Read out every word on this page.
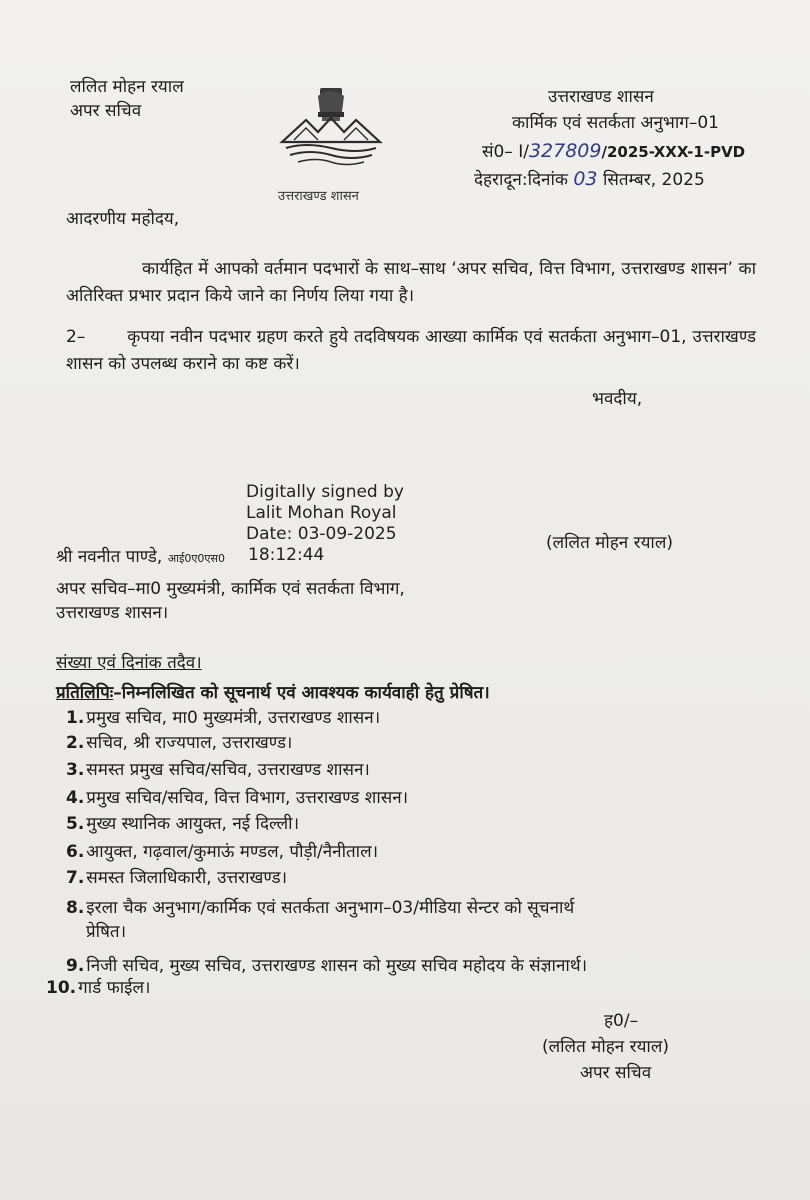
ललित मोहन रयाल
अपर सचिव
उत्तराखण्ड शासन
उत्तराखण्ड शासन
कार्मिक एवं सतर्कता अनुभाग–01
सं0– I/327809/2025-XXX-1-PVD
देहरादून:दिनांक 03 सितम्बर, 2025
आदरणीय महोदय,
कार्यहित में आपको वर्तमान पदभारों के साथ–साथ ‘अपर सचिव, वित्त विभाग, उत्तराखण्ड शासन’ का अतिरिक्त प्रभार प्रदान किये जाने का निर्णय लिया गया है।
2– कृपया नवीन पदभार ग्रहण करते हुये तदविषयक आख्या कार्मिक एवं सतर्कता अनुभाग–01, उत्तराखण्ड शासन को उपलब्ध कराने का कष्ट करें।
भवदीय,
Digitally signed by
Lalit Mohan Royal
Date: 03-09-2025
18:12:44
(ललित मोहन रयाल)
श्री नवनीत पाण्डे, आई0ए0एस0
अपर सचिव–मा0 मुख्यमंत्री, कार्मिक एवं सतर्कता विभाग,
उत्तराखण्ड शासन।
संख्या एवं दिनांक तदैव।
प्रतिलिपिः–निम्नलिखित को सूचनार्थ एवं आवश्यक कार्यवाही हेतु प्रेषित।
1. प्रमुख सचिव, मा0 मुख्यमंत्री, उत्तराखण्ड शासन।
2. सचिव, श्री राज्यपाल, उत्तराखण्ड।
3. समस्त प्रमुख सचिव/सचिव, उत्तराखण्ड शासन।
4. प्रमुख सचिव/सचिव, वित्त विभाग, उत्तराखण्ड शासन।
5. मुख्य स्थानिक आयुक्त, नई दिल्ली।
6. आयुक्त, गढ़वाल/कुमाऊं मण्डल, पौड़ी/नैनीताल।
7. समस्त जिलाधिकारी, उत्तराखण्ड।
8. इरला चैक अनुभाग/कार्मिक एवं सतर्कता अनुभाग–03/मीडिया सेन्टर को सूचनार्थ
प्रेषित।
9. निजी सचिव, मुख्य सचिव, उत्तराखण्ड शासन को मुख्य सचिव महोदय के संज्ञानार्थ।
10. गार्ड फाईल।
ह0/–
(ललित मोहन रयाल)
अपर सचिव
